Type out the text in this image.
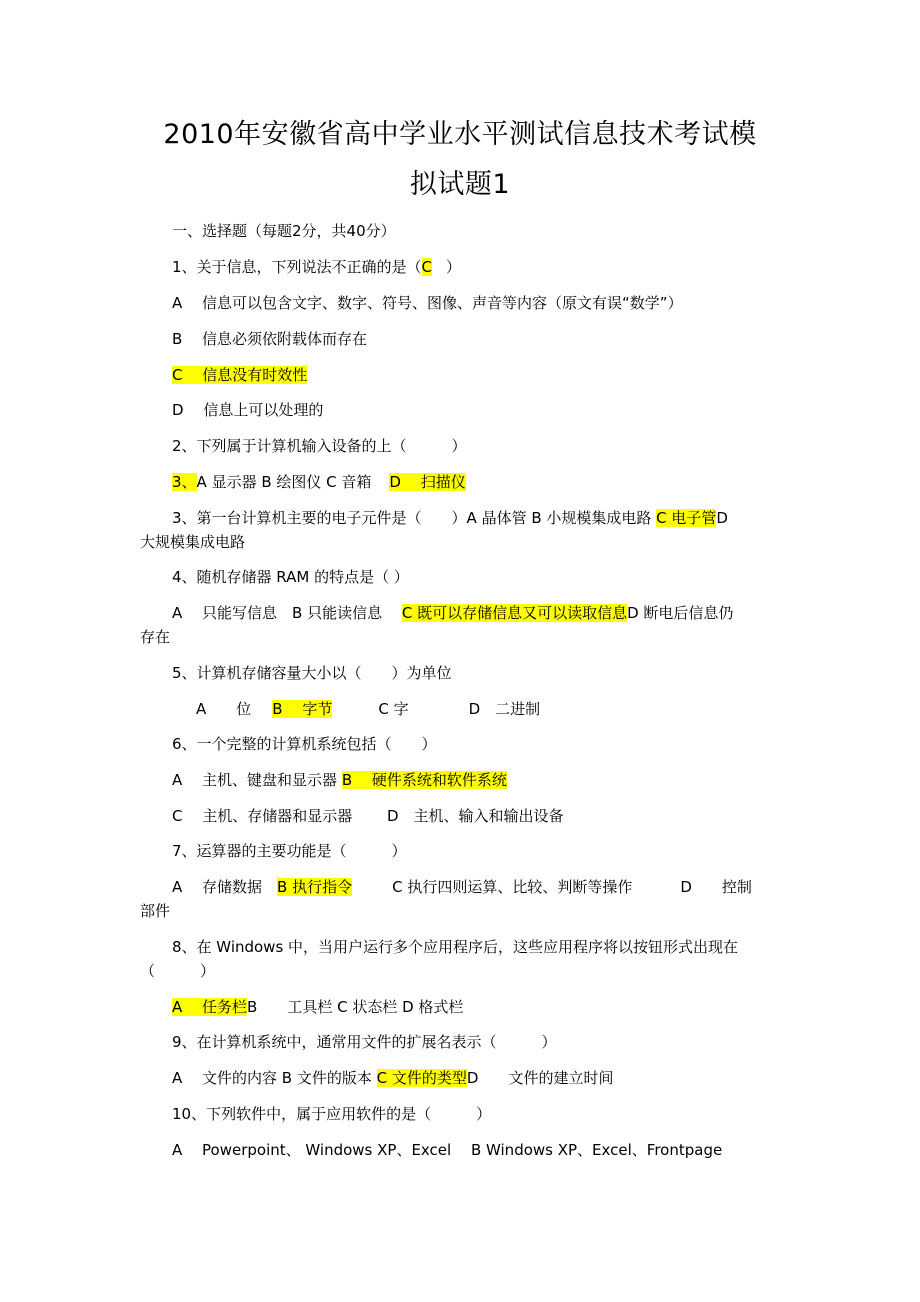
2010年安徽省高中学业水平测试信息技术考试模
拟试题1
一、选择题（每题2分，共40分）
1、关于信息，下列说法不正确的是（C ）
A　 信息可以包含文字、数字、符号、图像、声音等内容（原文有误“数学”）
B　 信息必须依附载体而存在
C　 信息没有时效性
D　 信息上可以处理的
2、下列属于计算机输入设备的上（　　　）
3、A 显示器 B 绘图仪 C 音箱 D　 扫描仪
3、第一台计算机主要的电子元件是（　　）A 晶体管 B 小规模集成电路 C 电子管D
大规模集成电路
4、随机存储器 RAM 的特点是（ ）
A　 只能写信息　B 只能读信息　 C 既可以存储信息又可以读取信息D 断电后信息仍
存在
5、计算机存储容量大小以（　　）为单位
A　　位　B　 字节	C 字	D　二进制
6、一个完整的计算机系统包括（　　）
A　 主机、键盘和显示器 B　 硬件系统和软件系统
C　 主机、存储器和显示器　　 D　主机、输入和输出设备
7、运算器的主要功能是（　　　）
A　 存储数据　B 执行指令	C 执行四则运算、比较、判断等操作	D　　控制
部件
8、在 Windows 中，当用户运行多个应用程序后，这些应用程序将以按钮形式出现在
（　　　）
A　 任务栏B　　工具栏 C 状态栏 D 格式栏
9、在计算机系统中，通常用文件的扩展名表示（　　　）
A　 文件的内容 B 文件的版本 C 文件的类型D　　文件的建立时间
10、下列软件中，属于应用软件的是（　　　）
A　 Powerpoint、 Windows XP、Excel　 B Windows XP、Excel、Frontpage
